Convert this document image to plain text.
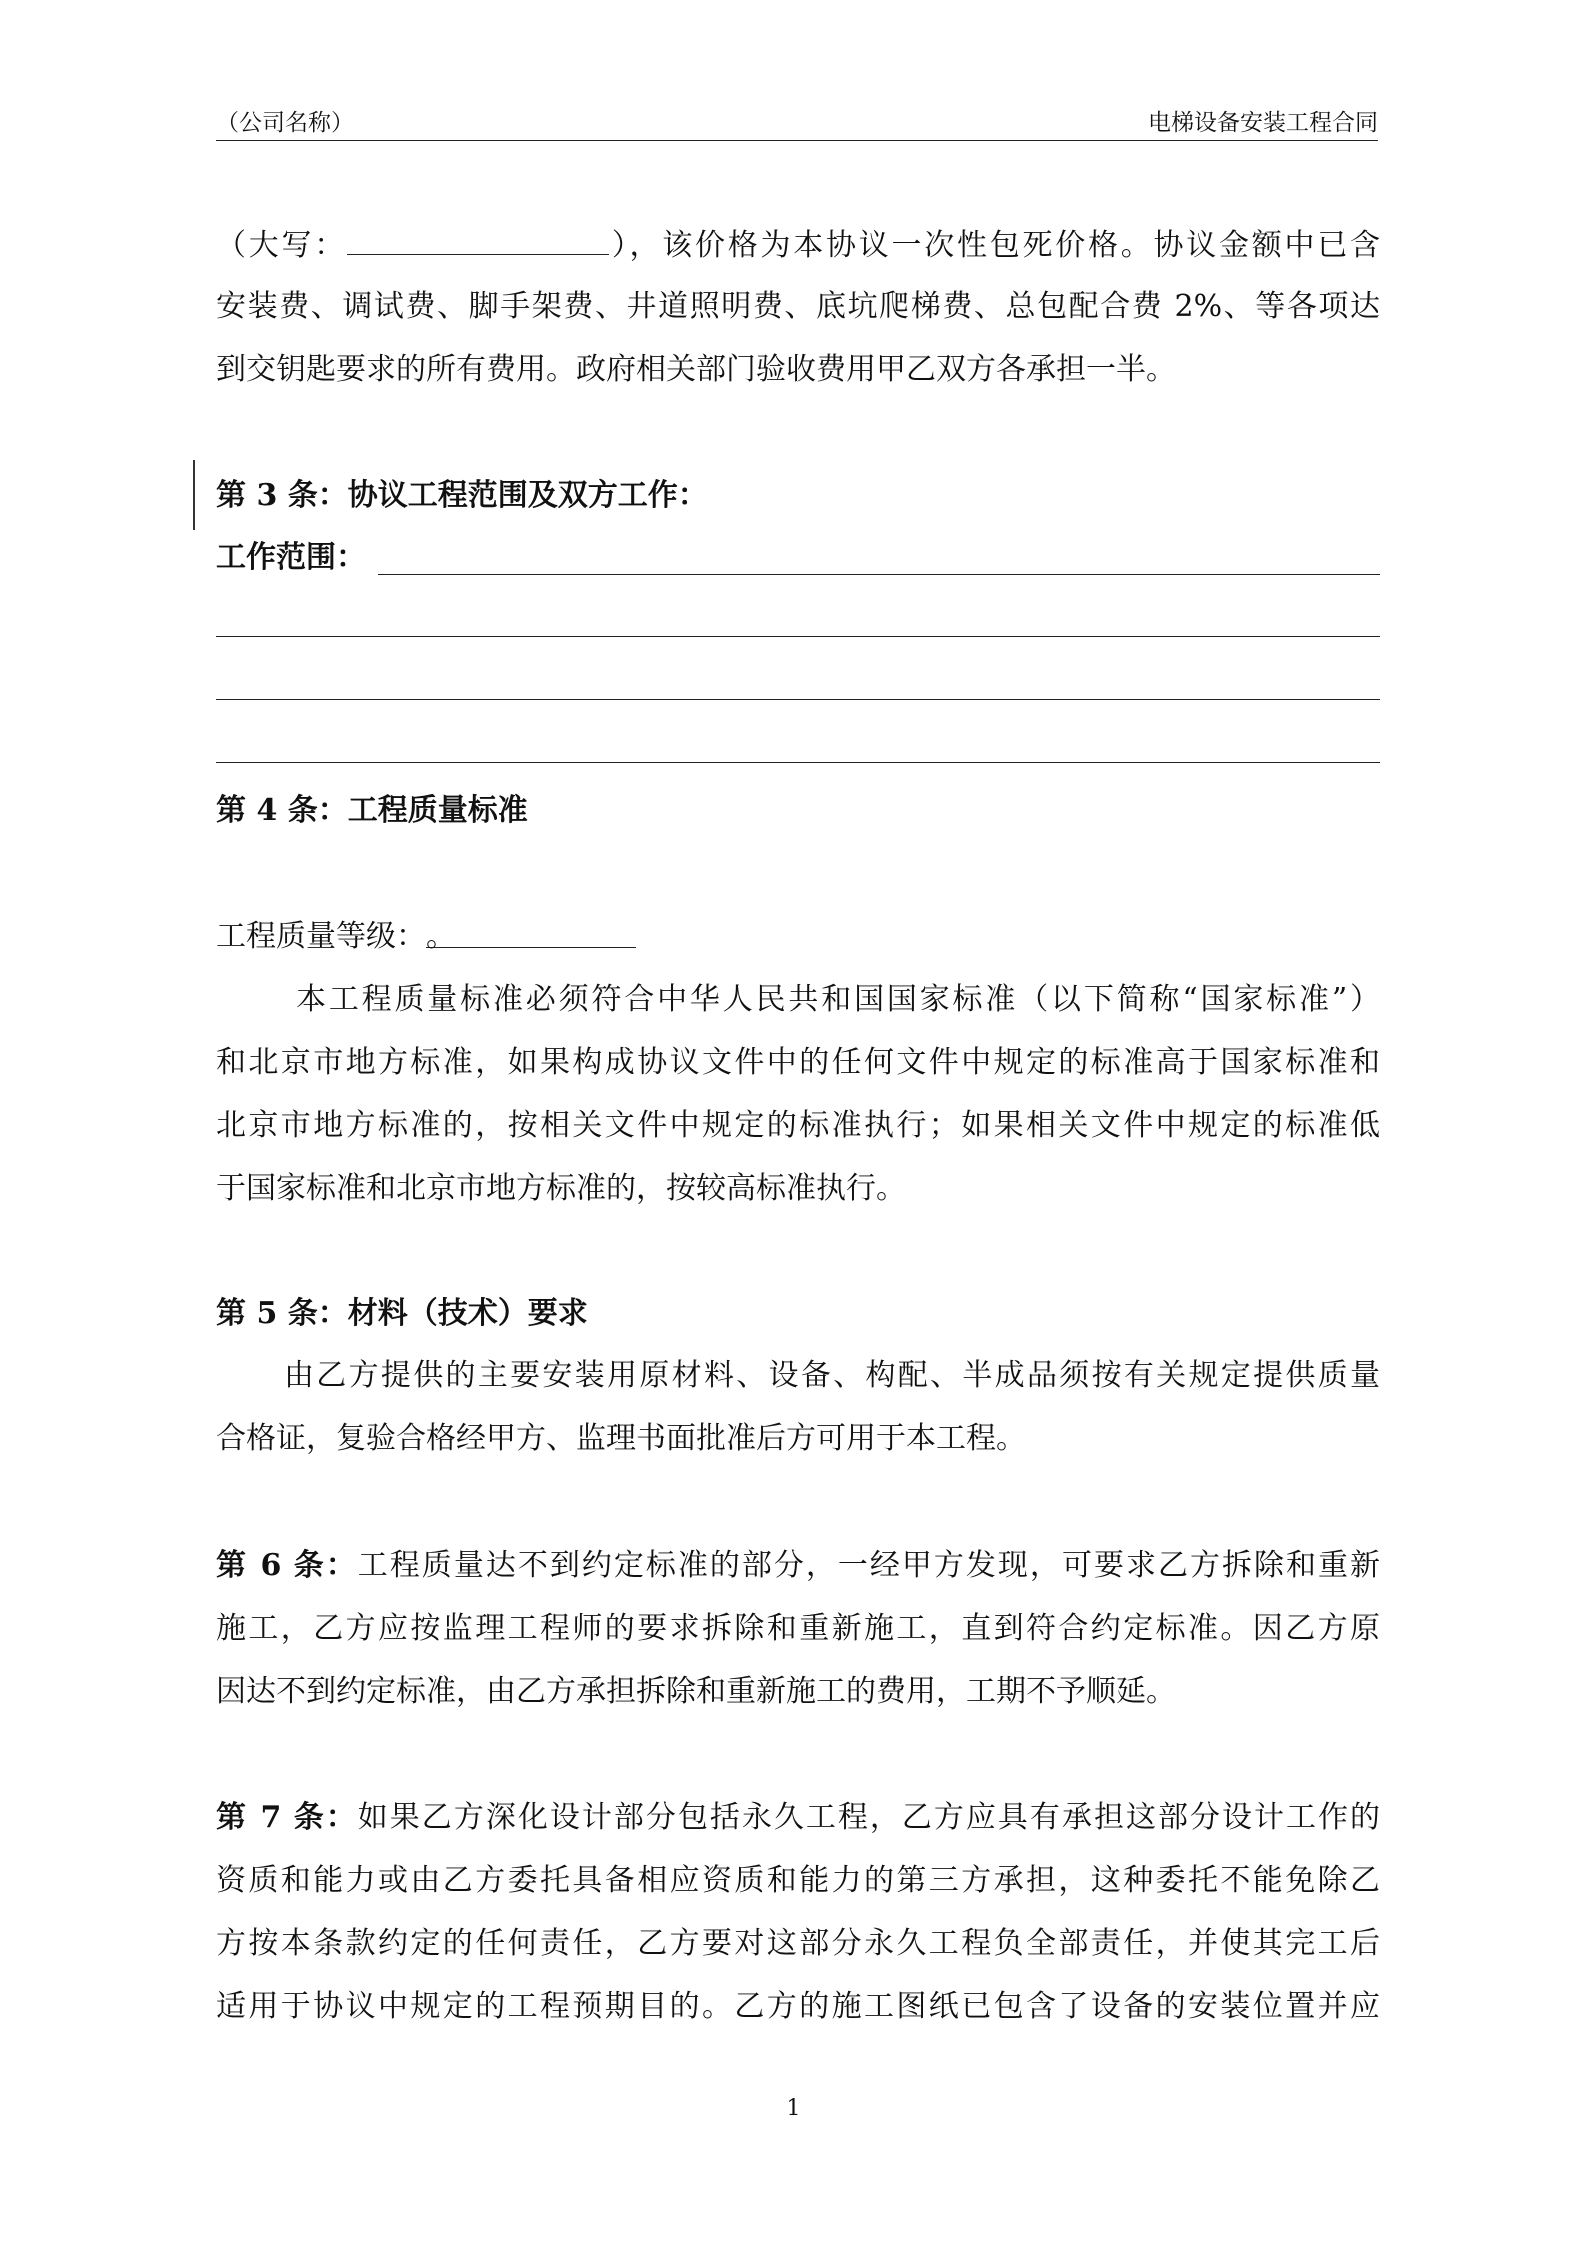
（公司名称）	电梯设备安装工程合同
（大写：	），该价格为本协议一次性包死价格。协议金额中已含
安装费、调试费、脚手架费、井道照明费、底坑爬梯费、总包配合费 2%、等各项达
到交钥匙要求的所有费用。政府相关部门验收费用甲乙双方各承担一半。
第 3 条：协议工程范围及双方工作：
工作范围：
第 4 条：工程质量标准
工程质量等级：。
本工程质量标准必须符合中华人民共和国国家标准（以下简称“国家标准”）
和北京市地方标准，如果构成协议文件中的任何文件中规定的标准高于国家标准和
北京市地方标准的，按相关文件中规定的标准执行；如果相关文件中规定的标准低
于国家标准和北京市地方标准的，按较高标准执行。
第 5 条：材料（技术）要求
由乙方提供的主要安装用原材料、设备、构配、半成品须按有关规定提供质量
合格证，复验合格经甲方、监理书面批准后方可用于本工程。
第 6 条：工程质量达不到约定标准的部分，一经甲方发现，可要求乙方拆除和重新
施工，乙方应按监理工程师的要求拆除和重新施工，直到符合约定标准。因乙方原
因达不到约定标准，由乙方承担拆除和重新施工的费用，工期不予顺延。
第 7 条：如果乙方深化设计部分包括永久工程，乙方应具有承担这部分设计工作的
资质和能力或由乙方委托具备相应资质和能力的第三方承担，这种委托不能免除乙
方按本条款约定的任何责任，乙方要对这部分永久工程负全部责任，并使其完工后
适用于协议中规定的工程预期目的。乙方的施工图纸已包含了设备的安装位置并应
1
